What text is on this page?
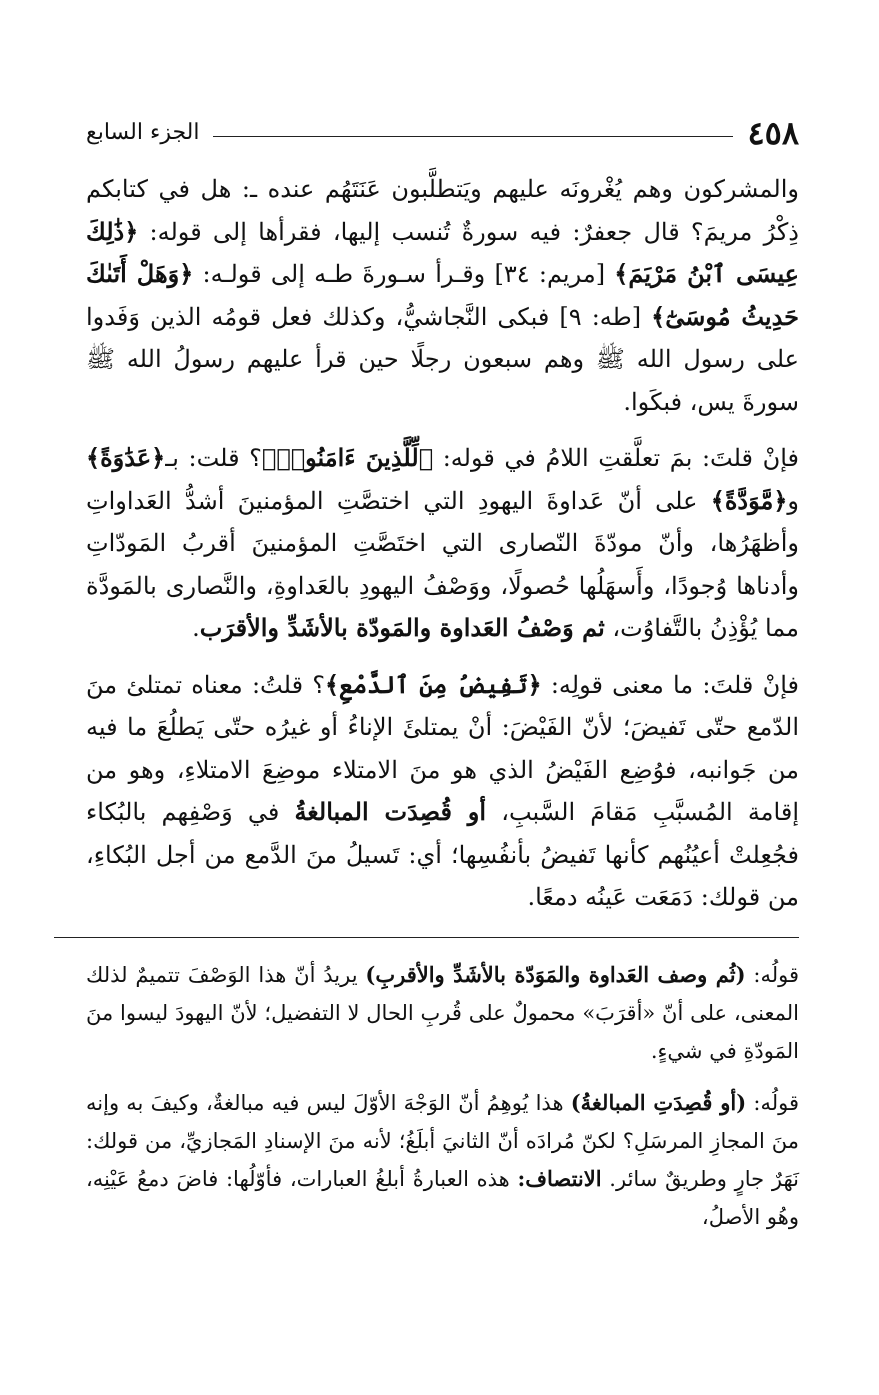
٤٥٨
الجزء السابع

والمشركون وهم يُغْرونَه عليهم ويَتطلَّبون عَنَتَهُم عنده ـ: هل في كتابكم ذِكْرُ مريمَ؟ قال جعفرٌ: فيه سورةٌ تُنسب إليها، فقرأها إلى قوله: ﴿ذَٰلِكَ عِيسَى ٱبْنُ مَرْيَمَ﴾ [مريم: ٣٤] وقـرأ سـورةَ طـه إلى قولـه: ﴿وَهَلْ أَتَىٰكَ حَدِيثُ مُوسَىٰٓ﴾ [طه: ٩] فبكى النَّجاشيُّ، وكذلك فعل قومُه الذين وَفَدوا على رسول الله ﷺ وهم سبعون رجلًا حين قرأ عليهم رسولُ الله ﷺ سورةَ يس، فبكَوا.

فإنْ قلتَ: بمَ تعلَّقتِ اللامُ في قوله: ﴿لِّلَّذِينَ ءَامَنُوا۟﴾؟ قلت: بـ﴿عَدَٰوَةً﴾ و﴿مَّوَدَّةً﴾ على أنّ عَداوةَ اليهودِ التي اختصَّتِ المؤمنينَ أشدُّ العَداواتِ وأظهَرُها، وأنّ مودّةَ النّصارى التي اختَصَّتِ المؤمنينَ أقربُ المَودّاتِ وأدناها وُجودًا، وأَسهَلُها حُصولًا، ووَصْفُ اليهودِ بالعَداوةِ، والنَّصارى بالمَودَّة مما يُؤْذِنُ بالتَّفاوُت، ثم وَصْفُ العَداوة والمَودّة بالأشَدِّ والأقرَب.

فإنْ قلتَ: ما معنى قولِه: ﴿تَفِيضُ مِنَ ٱلدَّمْعِ﴾؟ قلتُ: معناه تمتلئ منَ الدّمع حتّى تَفيضَ؛ لأنّ الفَيْضَ: أنْ يمتلئَ الإناءُ أو غيرُه حتّى يَطلُعَ ما فيه من جَوانبه، فوُضِع الفَيْضُ الذي هو منَ الامتلاء موضِعَ الامتلاءِ، وهو من إقامة المُسبَّبِ مَقامَ السَّببِ، أو قُصِدَت المبالغةُ في وَصْفِهم بالبُكاء فجُعِلتْ أعيُنُهم كأنها تَفيضُ بأنفُسِها؛ أي: تَسيلُ منَ الدَّمع من أجل البُكاءِ، من قولك: دَمَعَت عَينُه دمعًا.

قولُه: (ثُم وصف العَداوة والمَوَدّة بالأشَدِّ والأقربِ) يريدُ أنّ هذا الوَصْفَ تتميمٌ لذلك المعنى، على أنّ «أقرَبَ» محمولٌ على قُربِ الحال لا التفضيل؛ لأنّ اليهودَ ليسوا منَ المَودّةِ في شيءٍ.

قولُه: (أو قُصِدَتِ المبالغةُ) هذا يُوهِمُ أنّ الوَجْهَ الأوّلَ ليس فيه مبالغةٌ، وكيفَ به وإنه منَ المجازِ المرسَلِ؟ لكنّ مُرادَه أنّ الثانيَ أبلَغُ؛ لأنه منَ الإسنادِ المَجازيِّ، من قولك: نَهَرٌ جارٍ وطريقٌ سائر. الانتصاف: هذه العبارةُ أبلغُ العبارات، فأوّلُها: فاضَ دمعُ عَيْنِه، وهُو الأصلُ،
